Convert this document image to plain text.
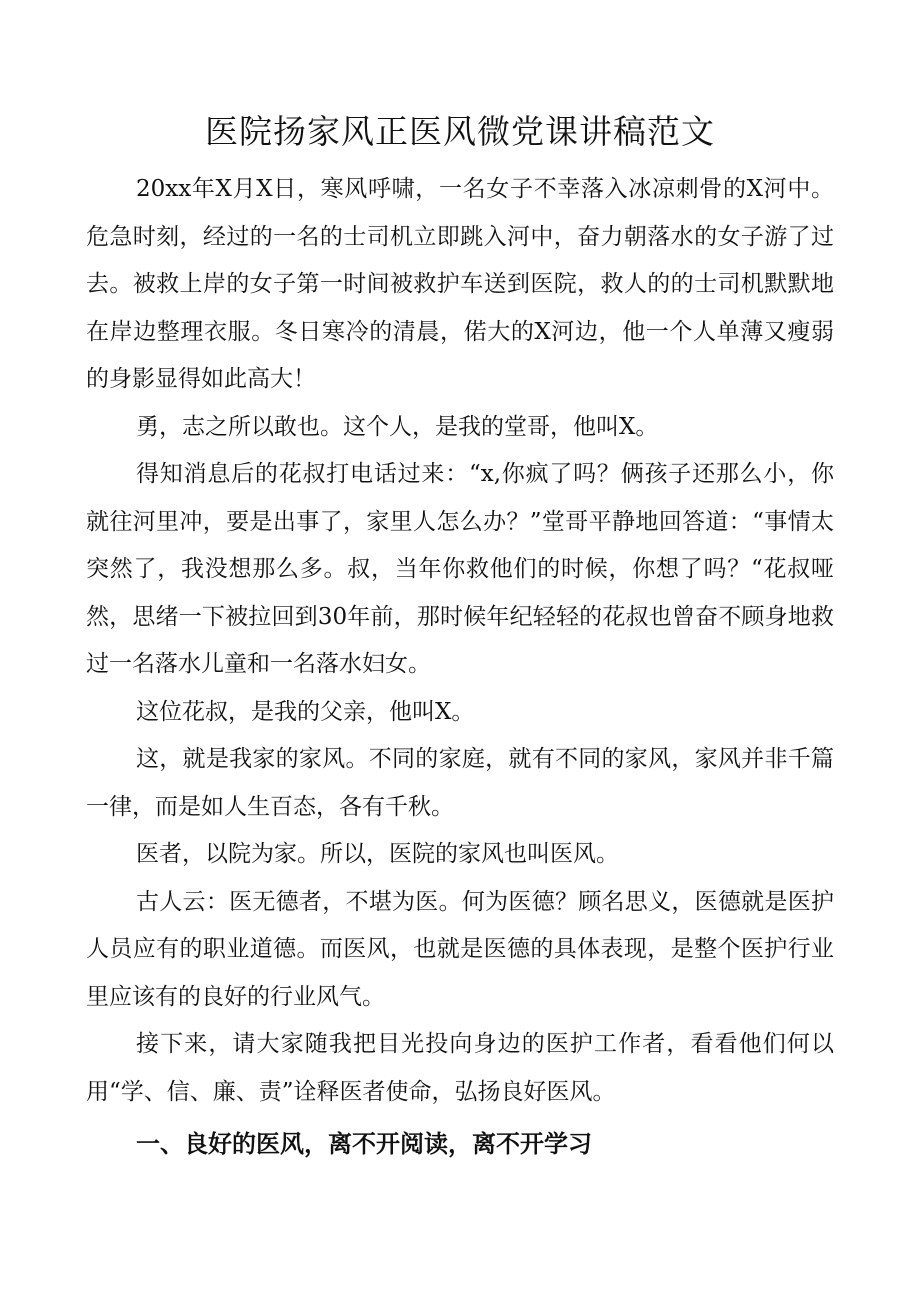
医院扬家风正医风微党课讲稿范文

20xx年X月X日，寒风呼啸，一名女子不幸落入冰凉刺骨的X河中。危急时刻，经过的一名的士司机立即跳入河中，奋力朝落水的女子游了过去。被救上岸的女子第一时间被救护车送到医院，救人的的士司机默默地在岸边整理衣服。冬日寒冷的清晨，偌大的X河边，他一个人单薄又瘦弱的身影显得如此高大！

勇，志之所以敢也。这个人，是我的堂哥，他叫X。

得知消息后的花叔打电话过来：“x,你疯了吗？俩孩子还那么小，你就往河里冲，要是出事了，家里人怎么办？”堂哥平静地回答道：“事情太突然了，我没想那么多。叔，当年你救他们的时候，你想了吗？“花叔哑然，思绪一下被拉回到30年前，那时候年纪轻轻的花叔也曾奋不顾身地救过一名落水儿童和一名落水妇女。

这位花叔，是我的父亲，他叫X。

这，就是我家的家风。不同的家庭，就有不同的家风，家风并非千篇一律，而是如人生百态，各有千秋。

医者，以院为家。所以，医院的家风也叫医风。

古人云：医无德者，不堪为医。何为医德？顾名思义，医德就是医护人员应有的职业道德。而医风，也就是医德的具体表现，是整个医护行业里应该有的良好的行业风气。

接下来，请大家随我把目光投向身边的医护工作者，看看他们何以用“学、信、廉、责”诠释医者使命，弘扬良好医风。

一、良好的医风，离不开阅读，离不开学习
